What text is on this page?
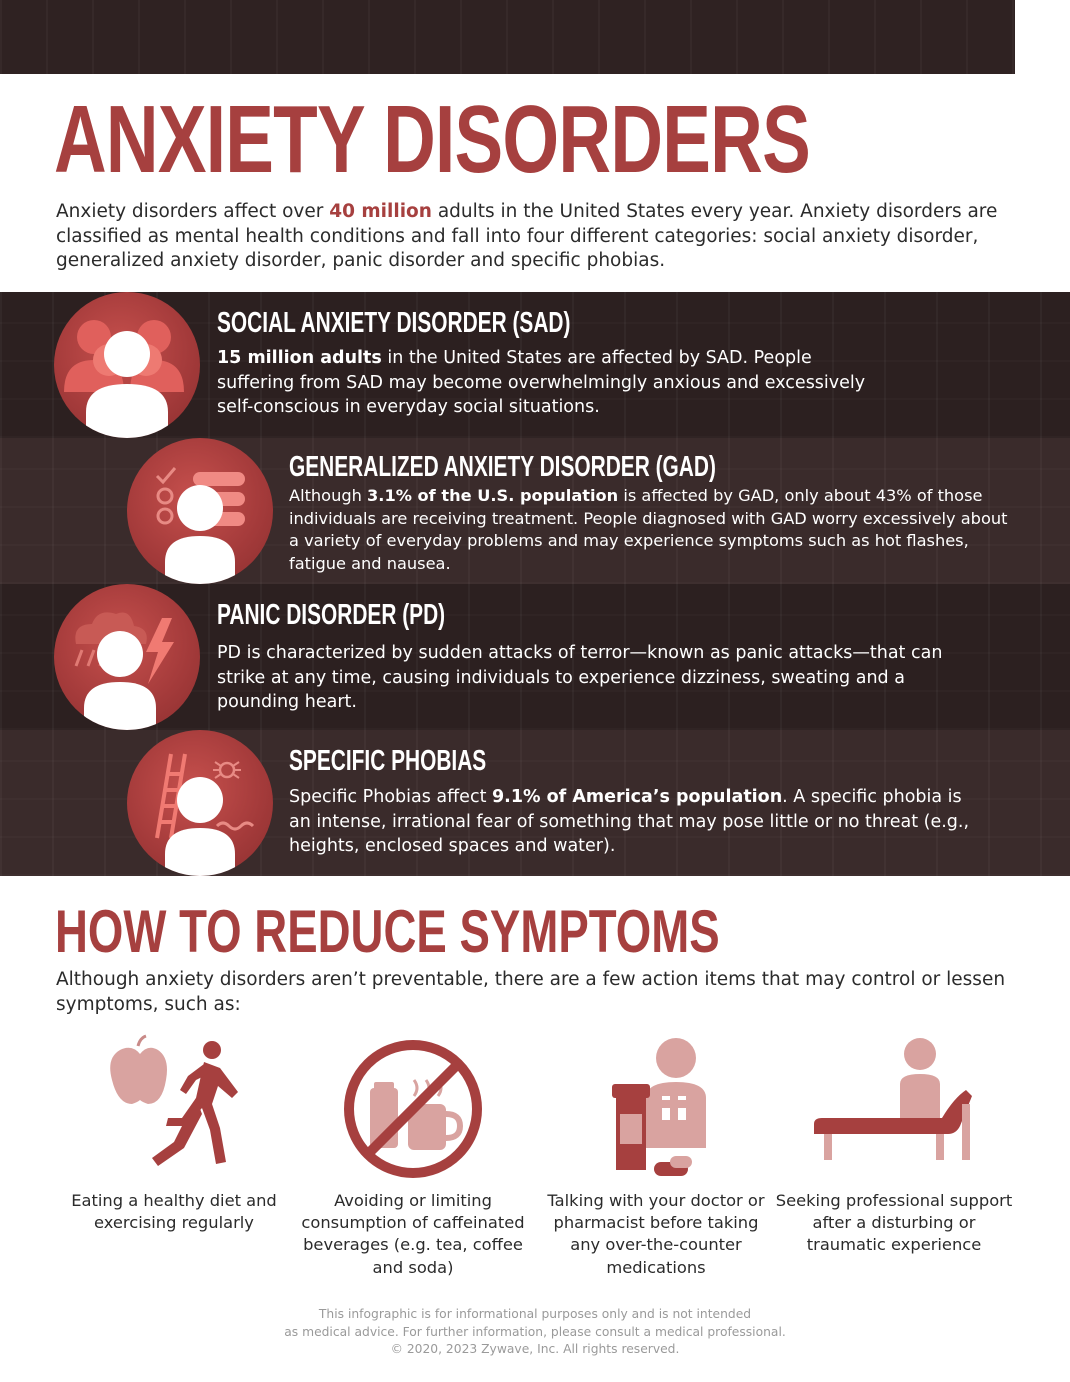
ANXIETY DISORDERS

Anxiety disorders affect over 40 million adults in the United States every year. Anxiety disorders are classified as mental health conditions and fall into four different categories: social anxiety disorder, generalized anxiety disorder, panic disorder and specific phobias.

SOCIAL ANXIETY DISORDER (SAD)

15 million adults in the United States are affected by SAD. People suffering from SAD may become overwhelmingly anxious and excessively self-conscious in everyday social situations.

GENERALIZED ANXIETY DISORDER (GAD)

Although 3.1% of the U.S. population is affected by GAD, only about 43% of those individuals are receiving treatment. People diagnosed with GAD worry excessively about a variety of everyday problems and may experience symptoms such as hot flashes, fatigue and nausea.

PANIC DISORDER (PD)

PD is characterized by sudden attacks of terror—known as panic attacks—that can strike at any time, causing individuals to experience dizziness, sweating and a pounding heart.

SPECIFIC PHOBIAS

Specific Phobias affect 9.1% of America’s population. A specific phobia is an intense, irrational fear of something that may pose little or no threat (e.g., heights, enclosed spaces and water).

HOW TO REDUCE SYMPTOMS

Although anxiety disorders aren’t preventable, there are a few action items that may control or lessen symptoms, such as:

Eating a healthy diet and exercising regularly

Avoiding or limiting consumption of caffeinated beverages (e.g. tea, coffee and soda)

Talking with your doctor or pharmacist before taking any over-the-counter medications

Seeking professional support after a disturbing or traumatic experience

This infographic is for informational purposes only and is not intended
as medical advice. For further information, please consult a medical professional.
© 2020, 2023 Zywave, Inc. All rights reserved.
